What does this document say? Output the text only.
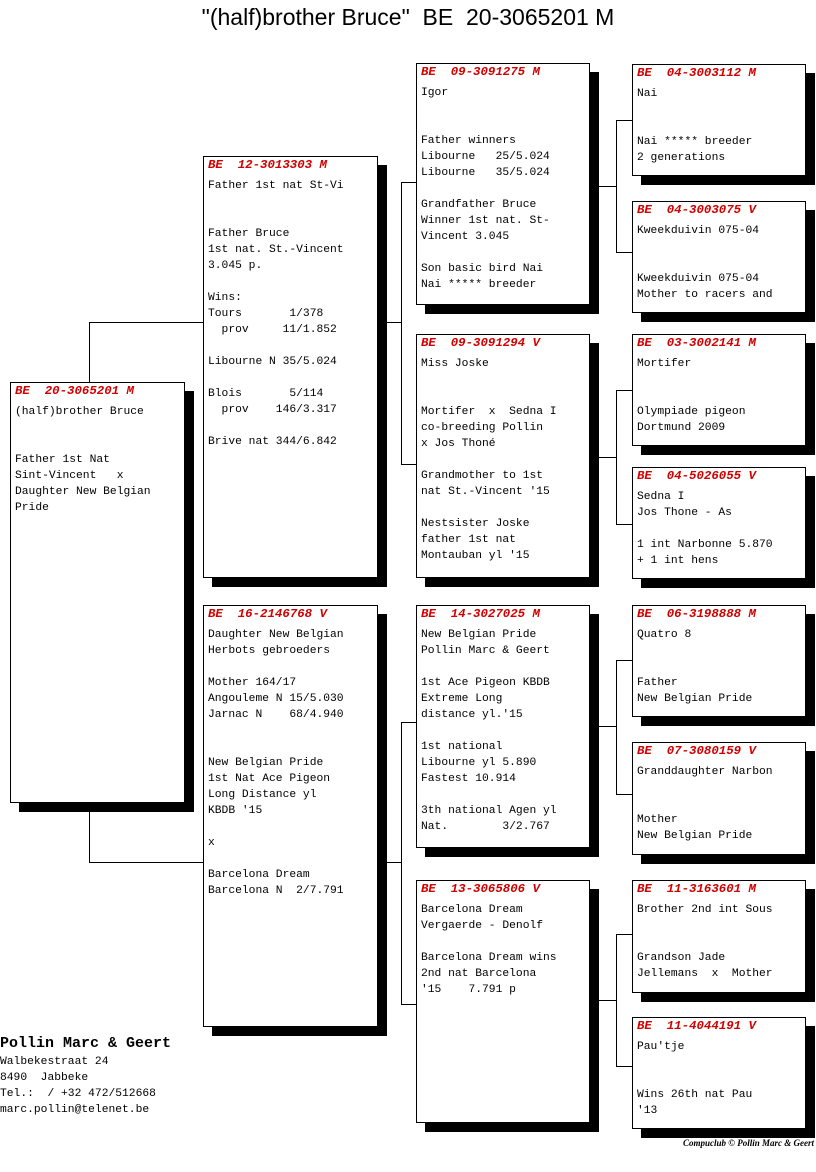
"(half)brother Bruce"  BE  20-3065201 M
BE  20-3065201 M
(half)brother Bruce

Father 1st Nat
Sint-Vincent   x
Daughter New Belgian
Pride
BE  12-3013303 M
Father 1st nat St-Vi

Father Bruce
1st nat. St.-Vincent
3.045 p.

Wins:
Tours       1/378
prov     11/1.852

Libourne N 35/5.024

Blois       5/114
prov    146/3.317

Brive nat 344/6.842
BE  16-2146768 V
Daughter New Belgian
Herbots gebroeders

Mother 164/17
Angouleme N 15/5.030
Jarnac N    68/4.940

New Belgian Pride
1st Nat Ace Pigeon
Long Distance yl
KBDB '15

x

Barcelona Dream
Barcelona N  2/7.791
BE  09-3091275 M
Igor

Father winners
Libourne   25/5.024
Libourne   35/5.024

Grandfather Bruce
Winner 1st nat. St-
Vincent 3.045

Son basic bird Nai
Nai ***** breeder
BE  09-3091294 V
Miss Joske

Mortifer  x  Sedna I
co-breeding Pollin
x Jos Thoné

Grandmother to 1st
nat St.-Vincent '15

Nestsister Joske
father 1st nat
Montauban yl '15
BE  14-3027025 M
New Belgian Pride
Pollin Marc & Geert

1st Ace Pigeon KBDB
Extreme Long
distance yl.'15

1st national
Libourne yl 5.890
Fastest 10.914

3th national Agen yl
Nat.        3/2.767
BE  13-3065806 V
Barcelona Dream
Vergaerde - Denolf

Barcelona Dream wins
2nd nat Barcelona
'15    7.791 p
BE  04-3003112 M
Nai

Nai ***** breeder
2 generations
BE  04-3003075 V
Kweekduivin 075-04

Kweekduivin 075-04
Mother to racers and
BE  03-3002141 M
Mortifer

Olympiade pigeon
Dortmund 2009
BE  04-5026055 V
Sedna I
Jos Thone - As

1 int Narbonne 5.870
+ 1 int hens
BE  06-3198888 M
Quatro 8

Father
New Belgian Pride
BE  07-3080159 V
Granddaughter Narbon

Mother
New Belgian Pride
BE  11-3163601 M
Brother 2nd int Sous

Grandson Jade
Jellemans  x  Mother
BE  11-4044191 V
Pau'tje

Wins 26th nat Pau
'13
Pollin Marc & Geert
Walbekestraat 24
8490  Jabbeke
Tel.:  / +32 472/512668
marc.pollin@telenet.be
Compuclub © Pollin Marc & Geert
